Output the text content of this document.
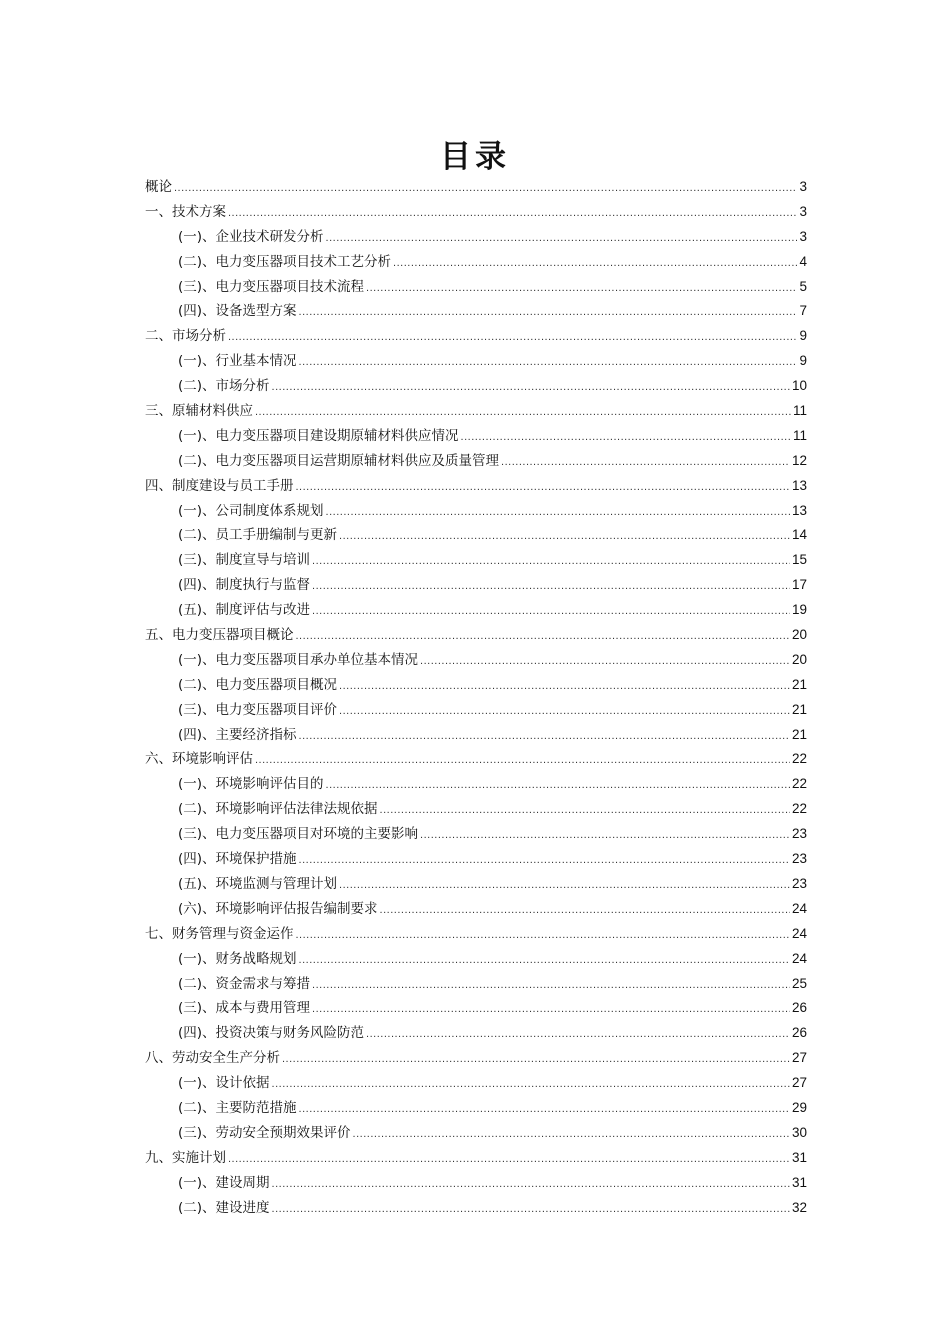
目录
概论 .....	3
一、技术方案 .....	3
(一)、企业技术研发分析 .....	3
(二)、电力变压器项目技术工艺分析 .....	4
(三)、电力变压器项目技术流程 .....	5
(四)、设备选型方案 .....	7
二、市场分析 .....	9
(一)、行业基本情况 .....	9
(二)、市场分析 .....	10
三、原辅材料供应 .....	11
(一)、电力变压器项目建设期原辅材料供应情况 .....	11
(二)、电力变压器项目运营期原辅材料供应及质量管理 .....	12
四、制度建设与员工手册 .....	13
(一)、公司制度体系规划 .....	13
(二)、员工手册编制与更新 .....	14
(三)、制度宣导与培训 .....	15
(四)、制度执行与监督 .....	17
(五)、制度评估与改进 .....	19
五、电力变压器项目概论 .....	20
(一)、电力变压器项目承办单位基本情况 .....	20
(二)、电力变压器项目概况 .....	21
(三)、电力变压器项目评价 .....	21
(四)、主要经济指标 .....	21
六、环境影响评估 .....	22
(一)、环境影响评估目的 .....	22
(二)、环境影响评估法律法规依据 .....	22
(三)、电力变压器项目对环境的主要影响 .....	23
(四)、环境保护措施 .....	23
(五)、环境监测与管理计划 .....	23
(六)、环境影响评估报告编制要求 .....	24
七、财务管理与资金运作 .....	24
(一)、财务战略规划 .....	24
(二)、资金需求与筹措 .....	25
(三)、成本与费用管理 .....	26
(四)、投资决策与财务风险防范 .....	26
八、劳动安全生产分析 .....	27
(一)、设计依据 .....	27
(二)、主要防范措施 .....	29
(三)、劳动安全预期效果评价 .....	30
九、实施计划 .....	31
(一)、建设周期 .....	31
(二)、建设进度 .....	32
